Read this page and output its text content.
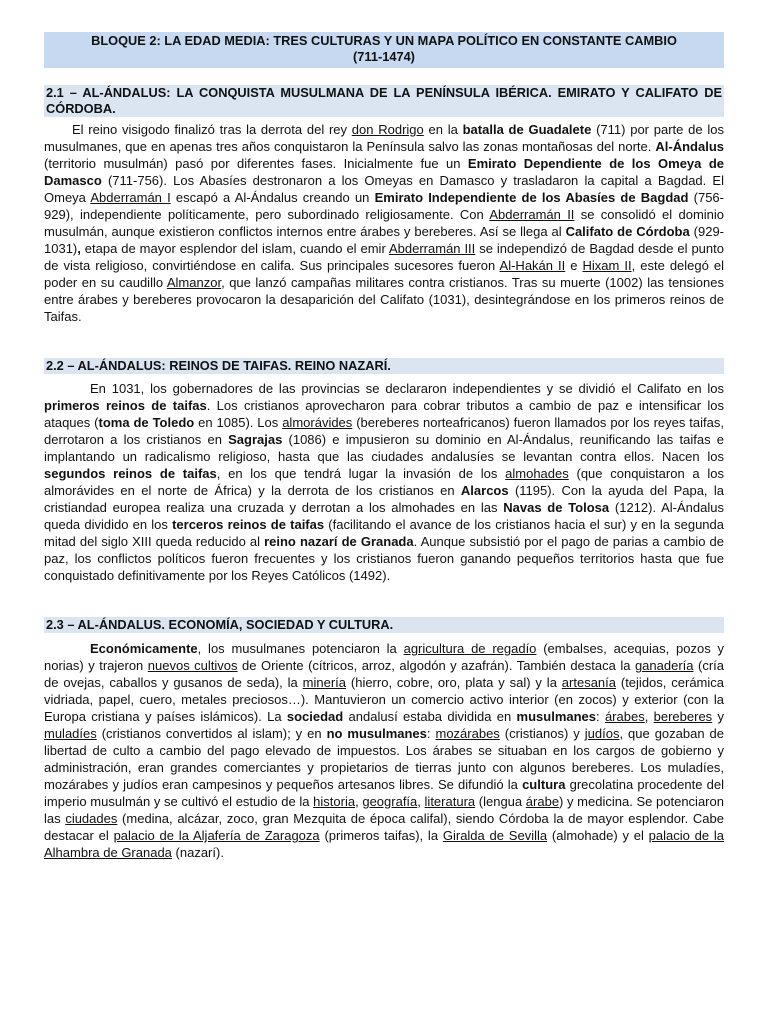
BLOQUE 2: LA EDAD MEDIA: TRES CULTURAS Y UN MAPA POLÍTICO EN CONSTANTE CAMBIO
(711-1474)
2.1 – AL-ÁNDALUS: LA CONQUISTA MUSULMANA DE LA PENÍNSULA IBÉRICA. EMIRATO Y CALIFATO DE CÓRDOBA.

El reino visigodo finalizó tras la derrota del rey don Rodrigo en la batalla de Guadalete (711) por parte de los musulmanes, que en apenas tres años conquistaron la Península salvo las zonas montañosas del norte. Al-Ándalus (territorio musulmán) pasó por diferentes fases. Inicialmente fue un Emirato Dependiente de los Omeya de Damasco (711-756). Los Abasíes destronaron a los Omeyas en Damasco y trasladaron la capital a Bagdad. El Omeya Abderramán I escapó a Al-Ándalus creando un Emirato Independiente de los Abasíes de Bagdad (756-929), independiente políticamente, pero subordinado religiosamente. Con Abderramán II se consolidó el dominio musulmán, aunque existieron conflictos internos entre árabes y bereberes. Así se llega al Califato de Córdoba (929-1031), etapa de mayor esplendor del islam, cuando el emir Abderramán III se independizó de Bagdad desde el punto de vista religioso, convirtiéndose en califa. Sus principales sucesores fueron Al-Hakán II e Hixam II, este delegó el poder en su caudillo Almanzor, que lanzó campañas militares contra cristianos. Tras su muerte (1002) las tensiones entre árabes y bereberes provocaron la desaparición del Califato (1031), desintegrándose en los primeros reinos de Taifas.

2.2 – AL-ÁNDALUS: REINOS DE TAIFAS. REINO NAZARÍ.

En 1031, los gobernadores de las provincias se declararon independientes y se dividió el Califato en los primeros reinos de taifas. Los cristianos aprovecharon para cobrar tributos a cambio de paz e intensificar los ataques (toma de Toledo en 1085). Los almorávides (bereberes norteafricanos) fueron llamados por los reyes taifas, derrotaron a los cristianos en Sagrajas (1086) e impusieron su dominio en Al-Ándalus, reunificando las taifas e implantando un radicalismo religioso, hasta que las ciudades andalusíes se levantan contra ellos. Nacen los segundos reinos de taifas, en los que tendrá lugar la invasión de los almohades (que conquistaron a los almorávides en el norte de África) y la derrota de los cristianos en Alarcos (1195). Con la ayuda del Papa, la cristiandad europea realiza una cruzada y derrotan a los almohades en las Navas de Tolosa (1212). Al-Ándalus queda dividido en los terceros reinos de taifas (facilitando el avance de los cristianos hacia el sur) y en la segunda mitad del siglo XIII queda reducido al reino nazarí de Granada. Aunque subsistió por el pago de parias a cambio de paz, los conflictos políticos fueron frecuentes y los cristianos fueron ganando pequeños territorios hasta que fue conquistado definitivamente por los Reyes Católicos (1492).

2.3 – AL-ÁNDALUS. ECONOMÍA, SOCIEDAD Y CULTURA.

Económicamente, los musulmanes potenciaron la agricultura de regadío (embalses, acequias, pozos y norias) y trajeron nuevos cultivos de Oriente (cítricos, arroz, algodón y azafrán). También destaca la ganadería (cría de ovejas, caballos y gusanos de seda), la minería (hierro, cobre, oro, plata y sal) y la artesanía (tejidos, cerámica vidriada, papel, cuero, metales preciosos…). Mantuvieron un comercio activo interior (en zocos) y exterior (con la Europa cristiana y países islámicos). La sociedad andalusí estaba dividida en musulmanes: árabes, bereberes y muladíes (cristianos convertidos al islam); y en no musulmanes: mozárabes (cristianos) y judíos, que gozaban de libertad de culto a cambio del pago elevado de impuestos. Los árabes se situaban en los cargos de gobierno y administración, eran grandes comerciantes y propietarios de tierras junto con algunos bereberes. Los muladíes, mozárabes y judíos eran campesinos y pequeños artesanos libres. Se difundió la cultura grecolatina procedente del imperio musulmán y se cultivó el estudio de la historia, geografía, literatura (lengua árabe) y medicina. Se potenciaron las ciudades (medina, alcázar, zoco, gran Mezquita de época califal), siendo Córdoba la de mayor esplendor. Cabe destacar el palacio de la Aljafería de Zaragoza (primeros taifas), la Giralda de Sevilla (almohade) y el palacio de la Alhambra de Granada (nazarí).
